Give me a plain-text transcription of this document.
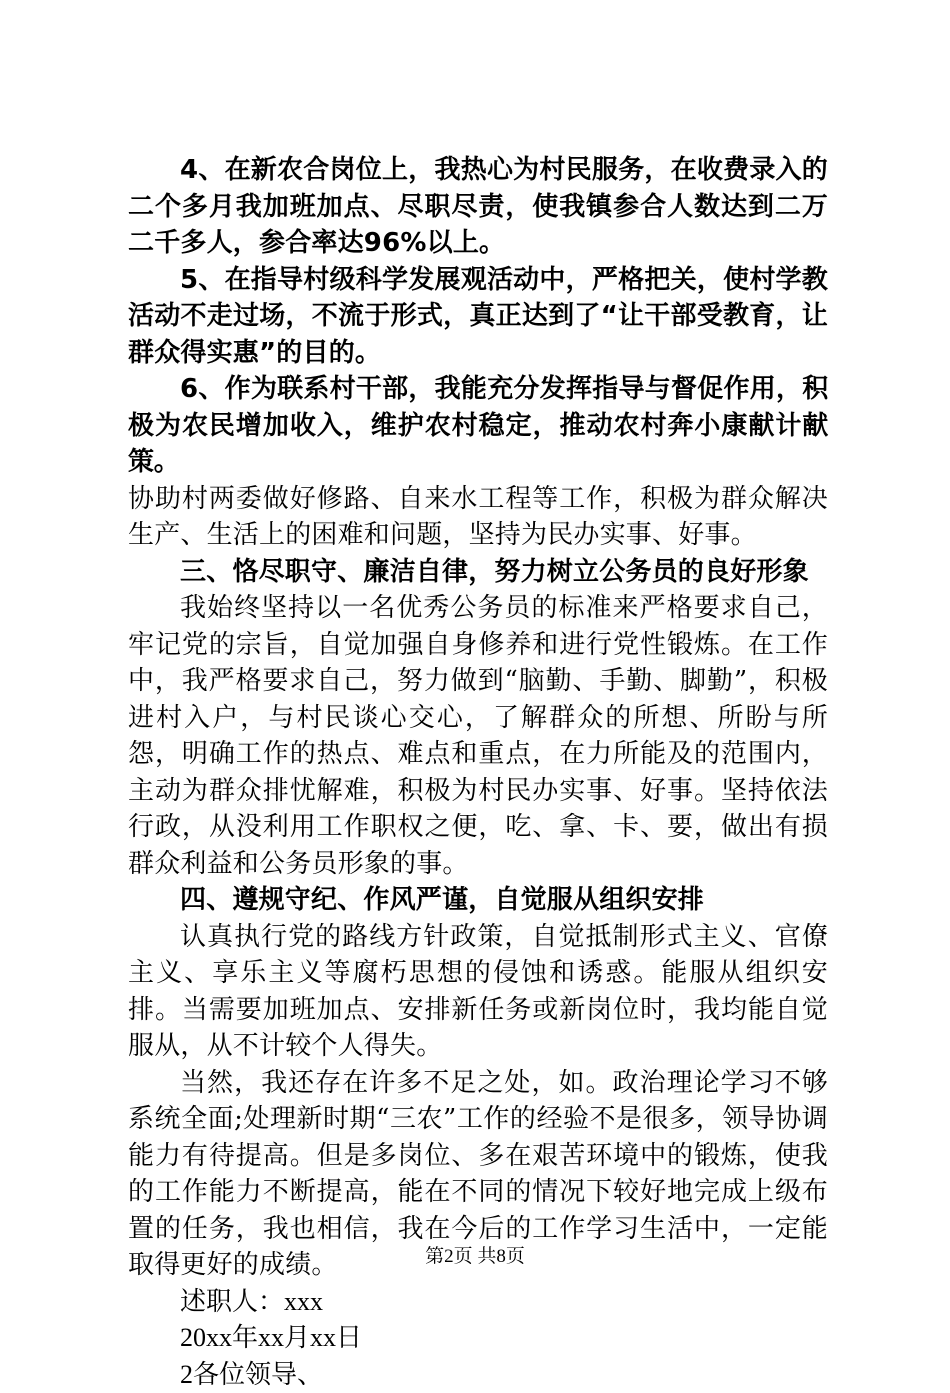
4、在新农合岗位上，我热心为村民服务，在收费录入的二个多月我加班加点、尽职尽责，使我镇参合人数达到二万二千多人，参合率达96%以上。

5、在指导村级科学发展观活动中，严格把关，使村学教活动不走过场，不流于形式，真正达到了“让干部受教育，让群众得实惠”的目的。

6、作为联系村干部，我能充分发挥指导与督促作用，积极为农民增加收入，维护农村稳定，推动农村奔小康献计献策。

协助村两委做好修路、自来水工程等工作，积极为群众解决生产、生活上的困难和问题，坚持为民办实事、好事。

三、恪尽职守、廉洁自律，努力树立公务员的良好形象

我始终坚持以一名优秀公务员的标准来严格要求自己，牢记党的宗旨，自觉加强自身修养和进行党性锻炼。在工作中，我严格要求自己，努力做到“脑勤、手勤、脚勤”，积极进村入户，与村民谈心交心，了解群众的所想、所盼与所怨，明确工作的热点、难点和重点，在力所能及的范围内，主动为群众排忧解难，积极为村民办实事、好事。坚持依法行政，从没利用工作职权之便，吃、拿、卡、要，做出有损群众利益和公务员形象的事。

四、遵规守纪、作风严谨，自觉服从组织安排

认真执行党的路线方针政策，自觉抵制形式主义、官僚主义、享乐主义等腐朽思想的侵蚀和诱惑。能服从组织安排。当需要加班加点、安排新任务或新岗位时，我均能自觉服从，从不计较个人得失。

当然，我还存在许多不足之处，如。政治理论学习不够系统全面;处理新时期“三农”工作的经验不是很多，领导协调能力有待提高。但是多岗位、多在艰苦环境中的锻炼，使我的工作能力不断提高，能在不同的情况下较好地完成上级布置的任务，我也相信，我在今后的工作学习生活中，一定能取得更好的成绩。

述职人：xxx

20xx年xx月xx日

2各位领导、

第2页 共8页
